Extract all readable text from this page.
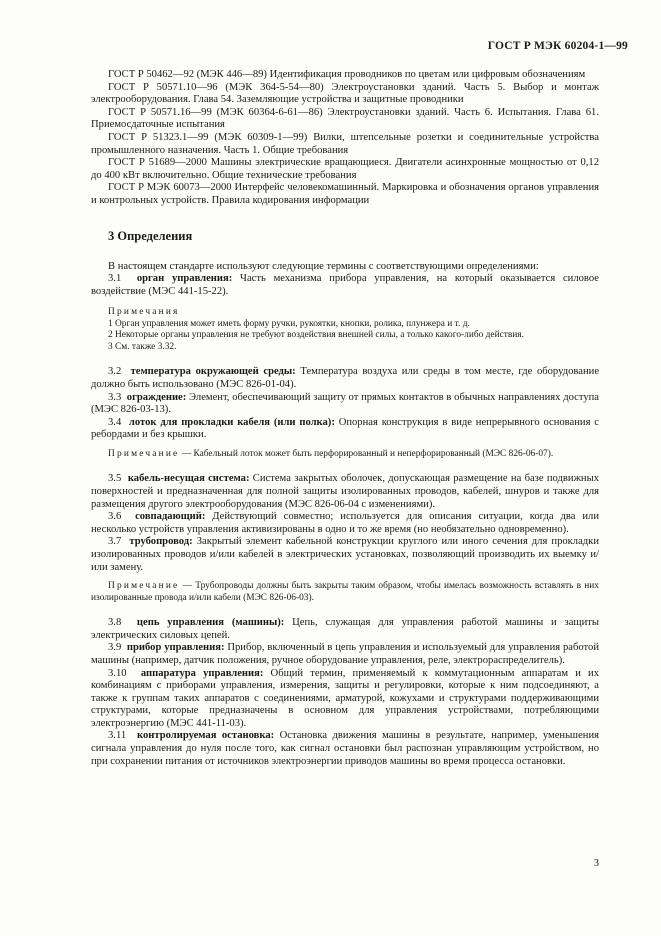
ГОСТ Р МЭК 60204-1—99

ГОСТ Р 50462—92 (МЭК 446—89) Идентификация проводников по цветам или цифровым обозначениям

ГОСТ Р 50571.10—96 (МЭК 364-5-54—80) Электроустановки зданий. Часть 5. Выбор и монтаж электрооборудования. Глава 54. Заземляющие устройства и защитные проводники

ГОСТ Р 50571.16—99 (МЭК 60364-6-61—86) Электроустановки зданий. Часть 6. Испытания. Глава 61. Приемосдаточные испытания

ГОСТ Р 51323.1—99 (МЭК 60309-1—99) Вилки, штепсельные розетки и соединительные устройства промышленного назначения. Часть 1. Общие требования

ГОСТ Р 51689—2000 Машины электрические вращающиеся. Двигатели асинхронные мощностью от 0,12 до 400 кВт включительно. Общие технические требования

ГОСТ Р МЭК 60073—2000 Интерфейс человекомашинный. Маркировка и обозначения органов управления и контрольных устройств. Правила кодирования информации

3 Определения

В настоящем стандарте используют следующие термины с соответствующими определениями:

3.1 орган управления: Часть механизма прибора управления, на который оказывается силовое воздействие (МЭС 441-15-22).

Примечания

1 Орган управления может иметь форму ручки, рукоятки, кнопки, ролика, плунжера и т. д.

2 Некоторые органы управления не требуют воздействия внешней силы, а только какого-либо действия.

3 См. также 3.32.

3.2 температура окружающей среды: Температура воздуха или среды в том месте, где оборудование должно быть использовано (МЭС 826-01-04).

3.3 ограждение: Элемент, обеспечивающий защиту от прямых контактов в обычных направлениях доступа (МЭС 826-03-13).

3.4 лоток для прокладки кабеля (или полка): Опорная конструкция в виде непрерывного основания с ребордами и без крышки.

Примечание — Кабельный лоток может быть перфорированный и неперфорированный (МЭС 826-06-07).

3.5 кабель-несущая система: Система закрытых оболочек, допускающая размещение на базе подвижных поверхностей и предназначенная для полной защиты изолированных проводов, кабелей, шнуров и также для размещения другого электрооборудования (МЭС 826-06-04 с изменениями).

3.6 совпадающий: Действующий совместно; используется для описания ситуации, когда два или несколько устройств управления активизированы в одно и то же время (но необязательно одновременно).

3.7 трубопровод: Закрытый элемент кабельной конструкции круглого или иного сечения для прокладки изолированных проводов и/или кабелей в электрических установках, позволяющий производить их выемку и/или замену.

Примечание — Трубопроводы должны быть закрыты таким образом, чтобы имелась возможность вставлять в них изолированные провода и/или кабели (МЭС 826-06-03).

3.8 цепь управления (машины): Цепь, служащая для управления работой машины и защиты электрических силовых цепей.

3.9 прибор управления: Прибор, включенный в цепь управления и используемый для управления работой машины (например, датчик положения, ручное оборудование управления, реле, электрораспределитель).

3.10 аппаратура управления: Общий термин, применяемый к коммутационным аппаратам и их комбинациям с приборами управления, измерения, защиты и регулировки, которые к ним подсоединяют, а также к группам таких аппаратов с соединениями, арматурой, кожухами и структурами поддерживающими структурами, которые предназначены в основном для управления устройствами, потребляющими электроэнергию (МЭС 441-11-03).

3.11 контролируемая остановка: Остановка движения машины в результате, например, уменьшения сигнала управления до нуля после того, как сигнал остановки был распознан управляющим устройством, но при сохранении питания от источников электроэнергии приводов машины во время процесса остановки.

3
